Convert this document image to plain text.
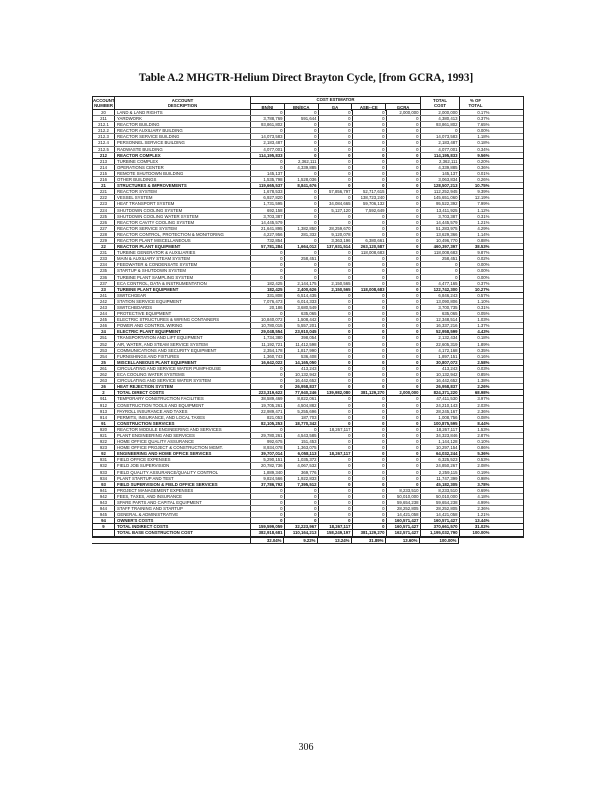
Table A.2 MHGTR-Helium Direct Brayton Cycle, [from GCRA, 1993]
ACCOUNT
NUMBER
ACCOUNT
DESCRIPTION
COST ESTIMATOR
BN/NI	BN/ECA	GA	ASB--CE	GCRA
TOTAL
COST
% OF
TOTAL
20	LAND & LAND RIGHTS	0	0	0	0	2,000,000	2,000,000	0.17%
211	YARDWORK	3,788,769	591,644	0	0	0	4,380,413	0.37%
212.1	REACTOR BUILDING	93,861,802	0	0	0	0	93,861,802	7.65%
212.2	REACTOR AUXILIARY BUILDING	0	0	0	0	0	0	0.00%
212.3	REACTOR SERVICE BUILDING	14,073,583	0	0	0	0	14,073,583	1.18%
212.4	PERSONNEL SERVICE BUILDING	2,183,487	0	0	0	0	2,183,487	0.18%
212.5	RADWASTE BUILDING	4,077,001	0	0	0	0	4,077,001	0.34%
212	REACTOR COMPLEX	114,195,833	0	0	0	0	114,195,833	9.56%
213	TURBINE COMPLEX	0	2,362,111	0	0	0	2,362,111	0.20%
214	OPERATIONS CENTER	0	4,339,885	0	0	0	4,339,885	0.36%
215	REMOTE SHUTDOWN BUILDING	145,137	0	0	0	0	145,137	0.01%
216	OTHER BUILDINGS	1,535,798	1,528,036	0	0	0	3,063,834	0.26%
21	STRUCTURES & IMPROVEMENTS	119,665,537	8,841,676	0	0	0	128,507,213	10.75%
221	REACTOR SYSTEM	1,678,533	0	57,856,797	52,717,615	0	112,252,945	9.39%
222	VESSEL SYSTEM	6,927,820	0	0	138,723,240	0	145,651,060	12.19%
223	HEAT TRANSPORT SYSTEM	1,731,595	0	34,084,665	59,706,132	0	95,522,392	7.99%
224	SHUTDOWN COOLING SYSTEM	692,158	0	5,127,120	7,592,649	0	13,411,925	1.12%
225	SHUTDOWN COOLING WATER SYSTEM	3,703,387	0	0	0	0	3,703,387	0.31%
226	REACTOR CAVITY COOLING SYSTEM	14,445,579	0	0	0	0	14,445,579	1.21%
227	REACTOR SERVICE SYSTEM	21,641,895	1,382,850	28,259,670	0	0	51,283,975	4.29%
228	REACTOR CONTROL, PROTECTION & MONITORING	4,227,956	281,332	9,120,078	0	0	13,629,366	1.14%
229	REACTOR PLANT MISCELLANEOUS	732,854	0	3,363,196	6,380,661	0	10,496,770	0.88%
22	REACTOR PLANT EQUIPMENT	57,781,284	1,664,012	137,931,514	263,120,587	0	460,397,397	38.53%
231	TURBINE GENERATOR & AUXILIARIES	0	0	0	118,008,683	0	118,008,683	9.87%
233	MAIN & AUXILIARY STEAM SYSTEM	0	258,451	0	0	0	258,451	0.02%
234	FEEDWATER & CONDENSATE SYSTEM	0	0	0	0	0	0	0.00%
235	STARTUP & SHUTDOWN SYSTEM	0	0	0	0	0	0	0.00%
236	TURBINE PLANT SAMPLING SYSTEM	0	0	0	0	0	0	0.00%
237	ECA CONTROL, DATA & INSTRUMENTATION	182,425	2,144,175	2,150,565	0	0	4,477,165	0.37%
23	TURBINE PLANT EQUIPMENT	182,425	2,400,626	2,150,565	118,008,683	0	122,742,300	10.27%
241	SWITCHGEAR	331,808	6,514,435	0	0	0	6,846,243	0.57%
242	STATION SERVICE EQUIPMENT	7,076,473	6,014,333	0	0	0	13,090,806	1.10%
243	SWITCHBOARDS	20,186	3,680,549	0	0	0	3,700,735	0.31%
244	PROTECTIVE EQUIPMENT	0	635,065	0	0	0	635,065	0.05%
245	ELECTRIC STRUCTURES & WIRING CONTAINERS	10,840,072	1,508,442	0	0	0	12,348,514	1.03%
246	POWER AND CONTROL WIRING	10,780,015	5,557,201	0	0	0	16,337,216	1.37%
24	ELECTRIC PLANT EQUIPMENT	29,048,554	23,910,045	0	0	0	52,958,599	4.43%
251	TRANSPORTATION AND LIFT EQUIPMENT	1,734,380	398,054	0	0	0	2,132,434	0.18%
252	AIR, WATER, AND STEAM SERVICE SYSTEM	11,192,721	11,412,598	0	0	0	22,605,319	1.89%
253	COMMUNICATIONS AND SECURITY EQUIPMENT	2,354,178	1,817,990	0	0	0	4,172,168	0.35%
254	FURNISHINGS AND FIXTURES	1,360,743	536,408	0	0	0	1,897,151	0.16%
25	MISCELLANEOUS PLANT EQUIPMENT	16,642,022	14,165,050	0	0	0	30,807,072	2.58%
261	CIRCULATING AND SERVICE WATER PUMPHOUSE	0	413,243	0	0	0	413,243	0.03%
262	ECA COOLING WATER SYSTEMS	0	10,132,942	0	0	0	10,132,942	0.85%
263	CIRCULATING AND SERVICE WATER SYSTEM	0	16,442,652	0	0	0	16,442,652	1.38%
26	HEAT REJECTION SYSTEM	0	26,958,837	0	0	0	26,958,837	2.26%
2	TOTAL DIRECT COSTS	223,319,622	77,940,246	139,982,080	381,129,270	2,000,000	824,371,220	68.98%
911	TEMPORARY CONSTRUCTION FACILITIES	38,589,469	8,822,061	0	0	0	47,411,530	3.97%
912	CONSTRUCTION TOOLS AND EQUIPMENT	19,705,261	4,504,882	0	0	0	24,210,143	2.03%
913	PAYROLL INSURANCE AND TAXES	22,989,471	5,255,696	0	0	0	28,245,167	2.36%
914	PERMITS, INSURANCE, AND LOCAL TAXES	821,053	187,703	0	0	0	1,008,756	0.08%
91	CONSTRUCTION SERVICES	82,105,253	18,770,342	0	0	0	100,875,595	8.44%
920	REACTOR MODULE ENGINEERING AND SERVICES	0	0	18,267,117	0	0	18,267,117	1.53%
921	PLANT ENGINEERING AND SERVICES	29,780,261	4,543,585	0	0	0	34,323,846	2.87%
922	HOME OFFICE QUALITY ASSURANCE	992,675	151,453	0	0	0	1,144,128	0.10%
923	HOME OFFICE PROJECT & CONSTRUCTION MGMT.	8,934,078	1,363,075	0	0	0	10,297,154	0.86%
92	ENGINEERING AND HOME OFFICE SERVICES	39,707,014	6,058,113	18,267,117	0	0	64,032,244	5.36%
931	FIELD OFFICE EXPENSES	5,290,151	1,035,372	0	0	0	6,325,523	0.53%
932	FIELD JOB SUPERVISION	20,782,736	4,067,532	0	0	0	24,850,267	2.08%
933	FIELD QUALITY ASSURANCE/QUALITY CONTROL	1,889,340	369,776	0	0	0	2,259,115	0.19%
934	PLANT STARTUP AND TEST	9,824,566	1,922,833	0	0	0	11,747,399	0.98%
93	FIELD SUPERVISION & FIELD OFFICE SERVICES	37,786,792	7,395,512	0	0	0	45,182,305	3.78%
941	PROJECT MANAGEMENT EXPENSES	0	0	0	0	8,233,510	8,233,510	0.69%
942	FEES, TAXES, AND INSURANCE	0	0	0	0	50,010,000	50,010,000	4.18%
943	SPARE PARTS AND CAPITAL EQUIPMENT	0	0	0	0	59,654,238	59,654,238	4.99%
944	STAFF TRAINING AND STARTUP	0	0	0	0	28,252,805	28,252,805	2.36%
945	GENERAL & ADMINISTRATIVE	0	0	0	0	14,421,058	14,421,058	1.21%
94	OWNER'S COSTS	0	0	0	0	160,571,427	160,571,427	13.44%
9	TOTAL INDIRECT COSTS	159,599,059	32,223,967	18,267,117	0	160,571,427	370,661,570	31.02%
TOTAL BASE CONSTRUCTION COST	382,918,681	110,164,213	158,249,197	381,129,270	162,571,427	1,195,032,790	100.00%
32.04%	9.22%	13.24%	31.89%	13.60%	100.00%
306
